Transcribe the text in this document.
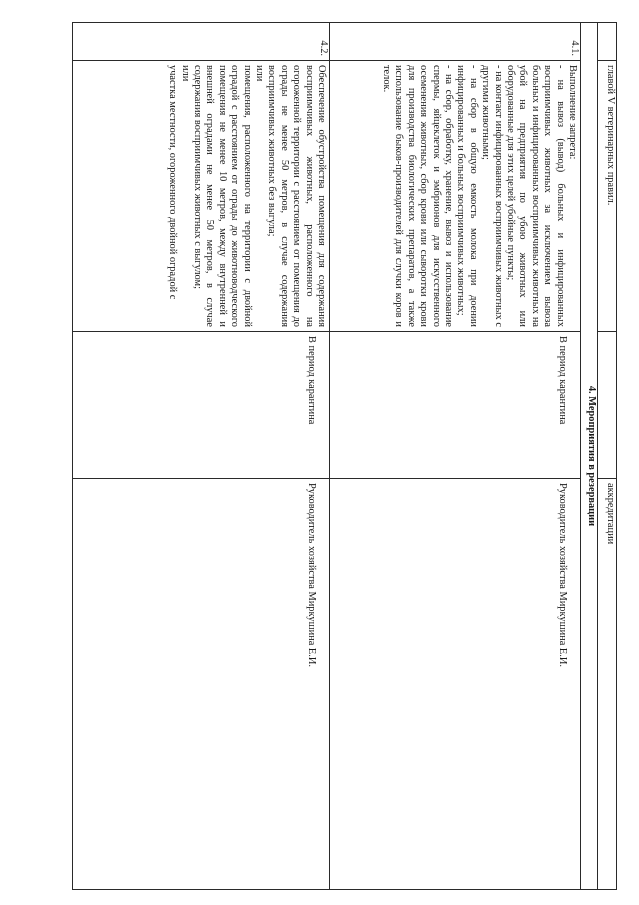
	главой V ветеринарных правил.		аккредитации
4. Мероприятия в резервации			
4.1.	Выполнение запрета:
- на вывоз (вывод) больных и инфицированных восприимчивых животных за исключением вывоза больных и инфицированных восприимчивых животных на убой на предприятия по убою животных или оборудованные для этих целей убойные пункты;
- на контакт инфицированных восприимчивых животных с другими животными;
- на сбор в общую емкость молока при доении инфицированных и больных восприимчивых животных;
- на сбор, обработку, хранение, вывоз и использование спермы, яйцеклеток и эмбрионов для искусственного осеменения животных, сбор крови или сыворотки крови для производства биологических препаратов, а также использование быков-производителей для случки коров и телок.	В период карантина	Руководитель хозяйства Миркушина Е.И.

4.2.	Обеспечение обустройства помещения для содержания восприимчивых животных, расположенного на огороженной территории с расстоянием от помещения до ограды не менее 50 метров, в случае содержания восприимчивых животных без выгула;
или
помещения, расположенного на территории с двойной оградой с расстоянием от ограды до животноводческого помещения не менее 10 метров, между внутренней и внешней оградами не менее 50 метров, в случае содержания восприимчивых животных с выгулом;
или
участка местности, огороженного двойной оградой с	В период карантина	Руководитель хозяйства Миркушина Е.И.
